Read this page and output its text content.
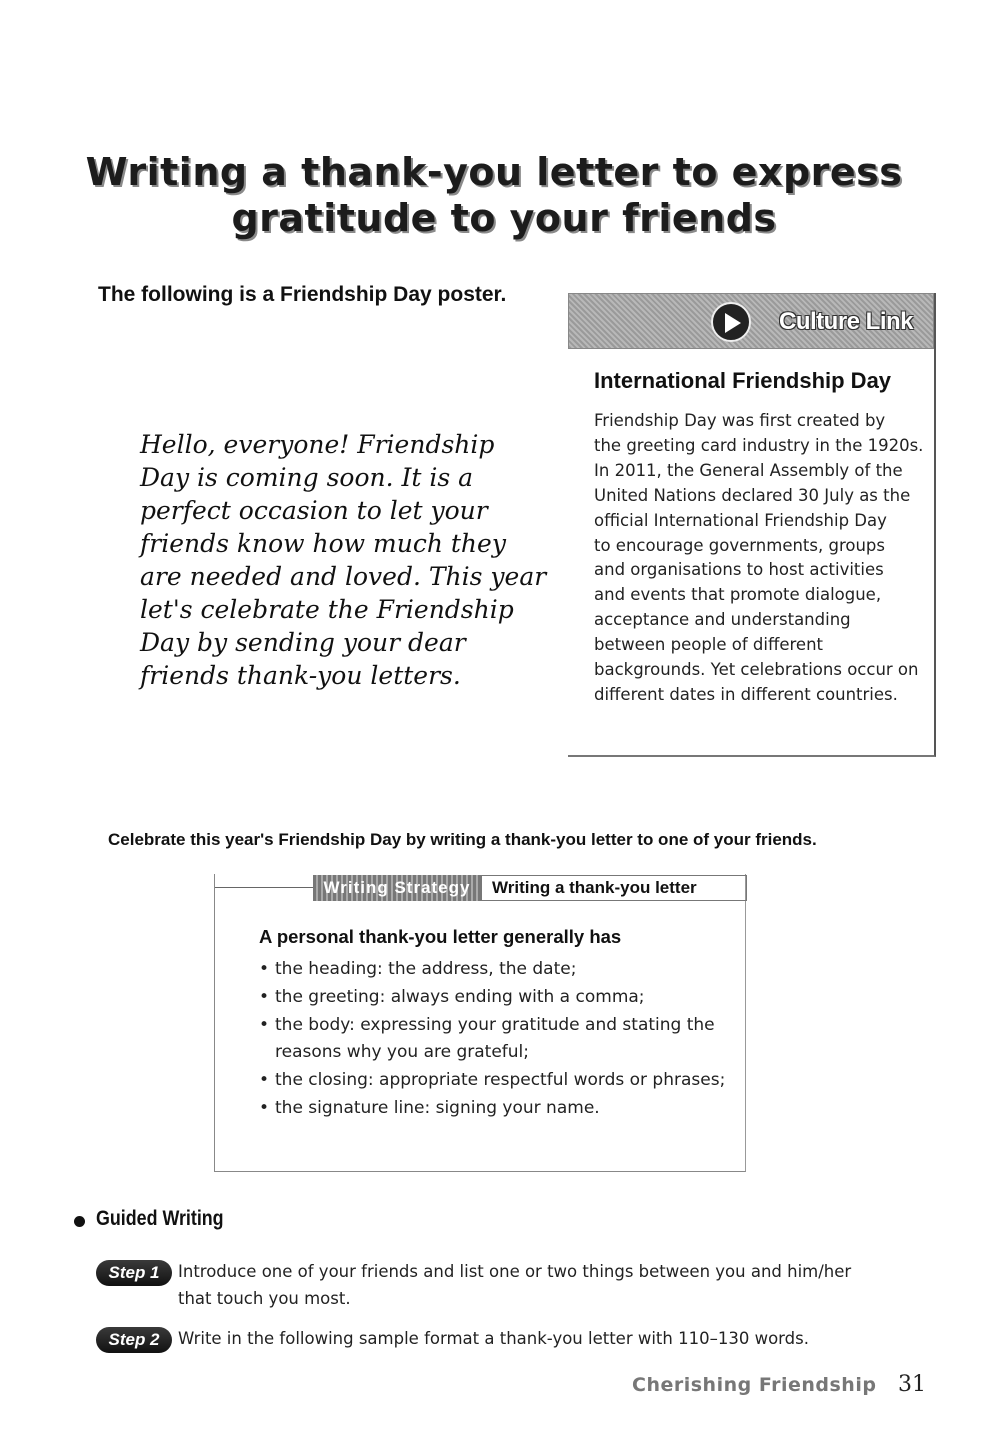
Writing a thank-you letter to express
gratitude to your friends
The following is a Friendship Day poster.
Hello, everyone! Friendship
Day is coming soon. It is a
perfect occasion to let your
friends know how much they
are needed and loved. This year
let's celebrate the Friendship
Day by sending your dear
friends thank-you letters.
Culture Link
International Friendship Day
Friendship Day was first created by
the greeting card industry in the 1920s.
In 2011, the General Assembly of the
United Nations declared 30 July as the
official International Friendship Day
to encourage governments, groups
and organisations to host activities
and events that promote dialogue,
acceptance and understanding
between people of different
backgrounds. Yet celebrations occur on
different dates in different countries.
Celebrate this year's Friendship Day by writing a thank-you letter to one of your friends.
Writing Strategy	Writing a thank-you letter
A personal thank-you letter generally has
• the heading: the address, the date;
• the greeting: always ending with a comma;
• the body: expressing your gratitude and stating the reasons why you are grateful;
• the closing: appropriate respectful words or phrases;
• the signature line: signing your name.
Guided Writing
Step 1	Introduce one of your friends and list one or two things between you and him/her that touch you most.
Step 2	Write in the following sample format a thank-you letter with 110–130 words.
Cherishing Friendship 31
